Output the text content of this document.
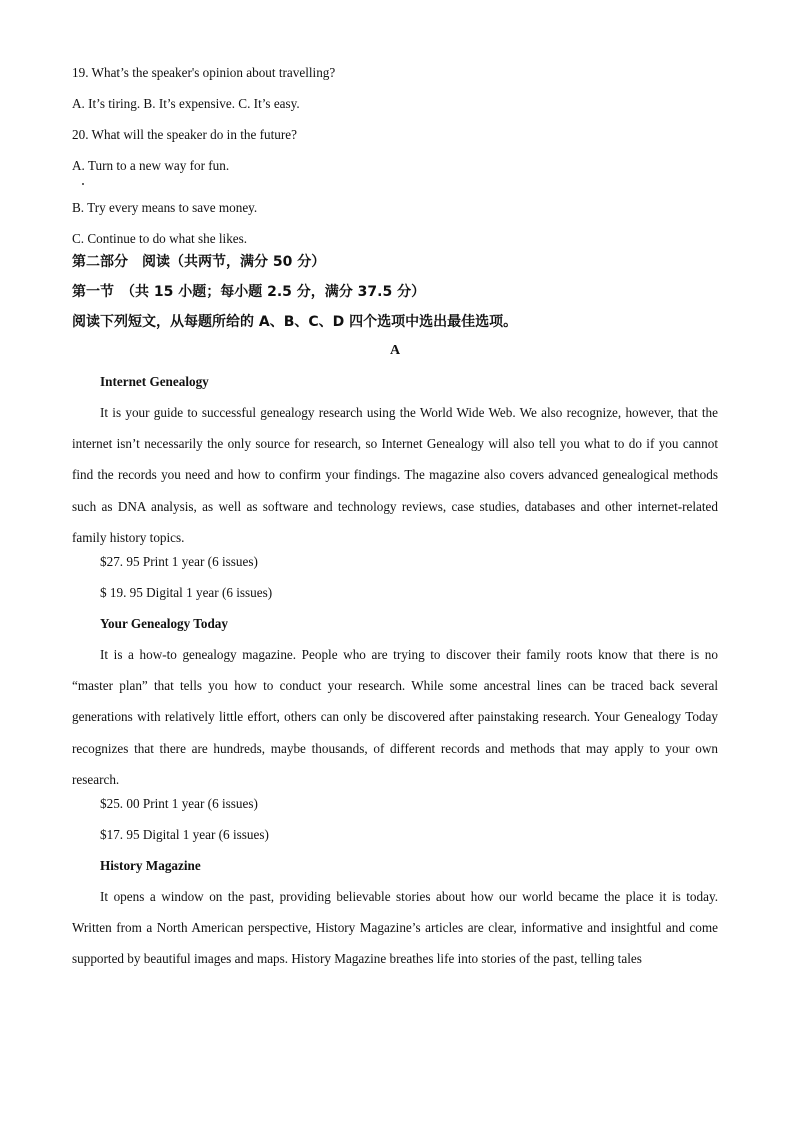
19. What’s the speaker's opinion about travelling?

A. It’s tiring. B. It’s expensive. C. It’s easy.

20. What will the speaker do in the future?

A. Turn to a new way for fun.

B. Try every means to save money.

C. Continue to do what she likes.

第二部分　阅读（共两节，满分 50 分）

第一节　（共 15 小题；每小题 2.5 分，满分 37.5 分）

阅读下列短文，从每题所给的 A、B、C、D 四个选项中选出最佳选项。

A

Internet Genealogy

It is your guide to successful genealogy research using the World Wide Web. We also recognize, however, that the internet isn’t necessarily the only source for research, so Internet Genealogy will also tell you what to do if you cannot find the records you need and how to confirm your findings. The magazine also covers advanced genealogical methods such as DNA analysis, as well as software and technology reviews, case studies, databases and other internet-related family history topics.

$27. 95 Print 1 year (6 issues)

$ 19. 95 Digital 1 year (6 issues)

Your Genealogy Today

It is a how-to genealogy magazine. People who are trying to discover their family roots know that there is no “master plan” that tells you how to conduct your research. While some ancestral lines can be traced back several generations with relatively little effort, others can only be discovered after painstaking research. Your Genealogy Today recognizes that there are hundreds, maybe thousands, of different records and methods that may apply to your own research.

$25. 00 Print 1 year (6 issues)

$17. 95 Digital 1 year (6 issues)

History Magazine

It opens a window on the past, providing believable stories about how our world became the place it is today. Written from a North American perspective, History Magazine’s articles are clear, informative and insightful and come supported by beautiful images and maps. History Magazine breathes life into stories of the past, telling tales
